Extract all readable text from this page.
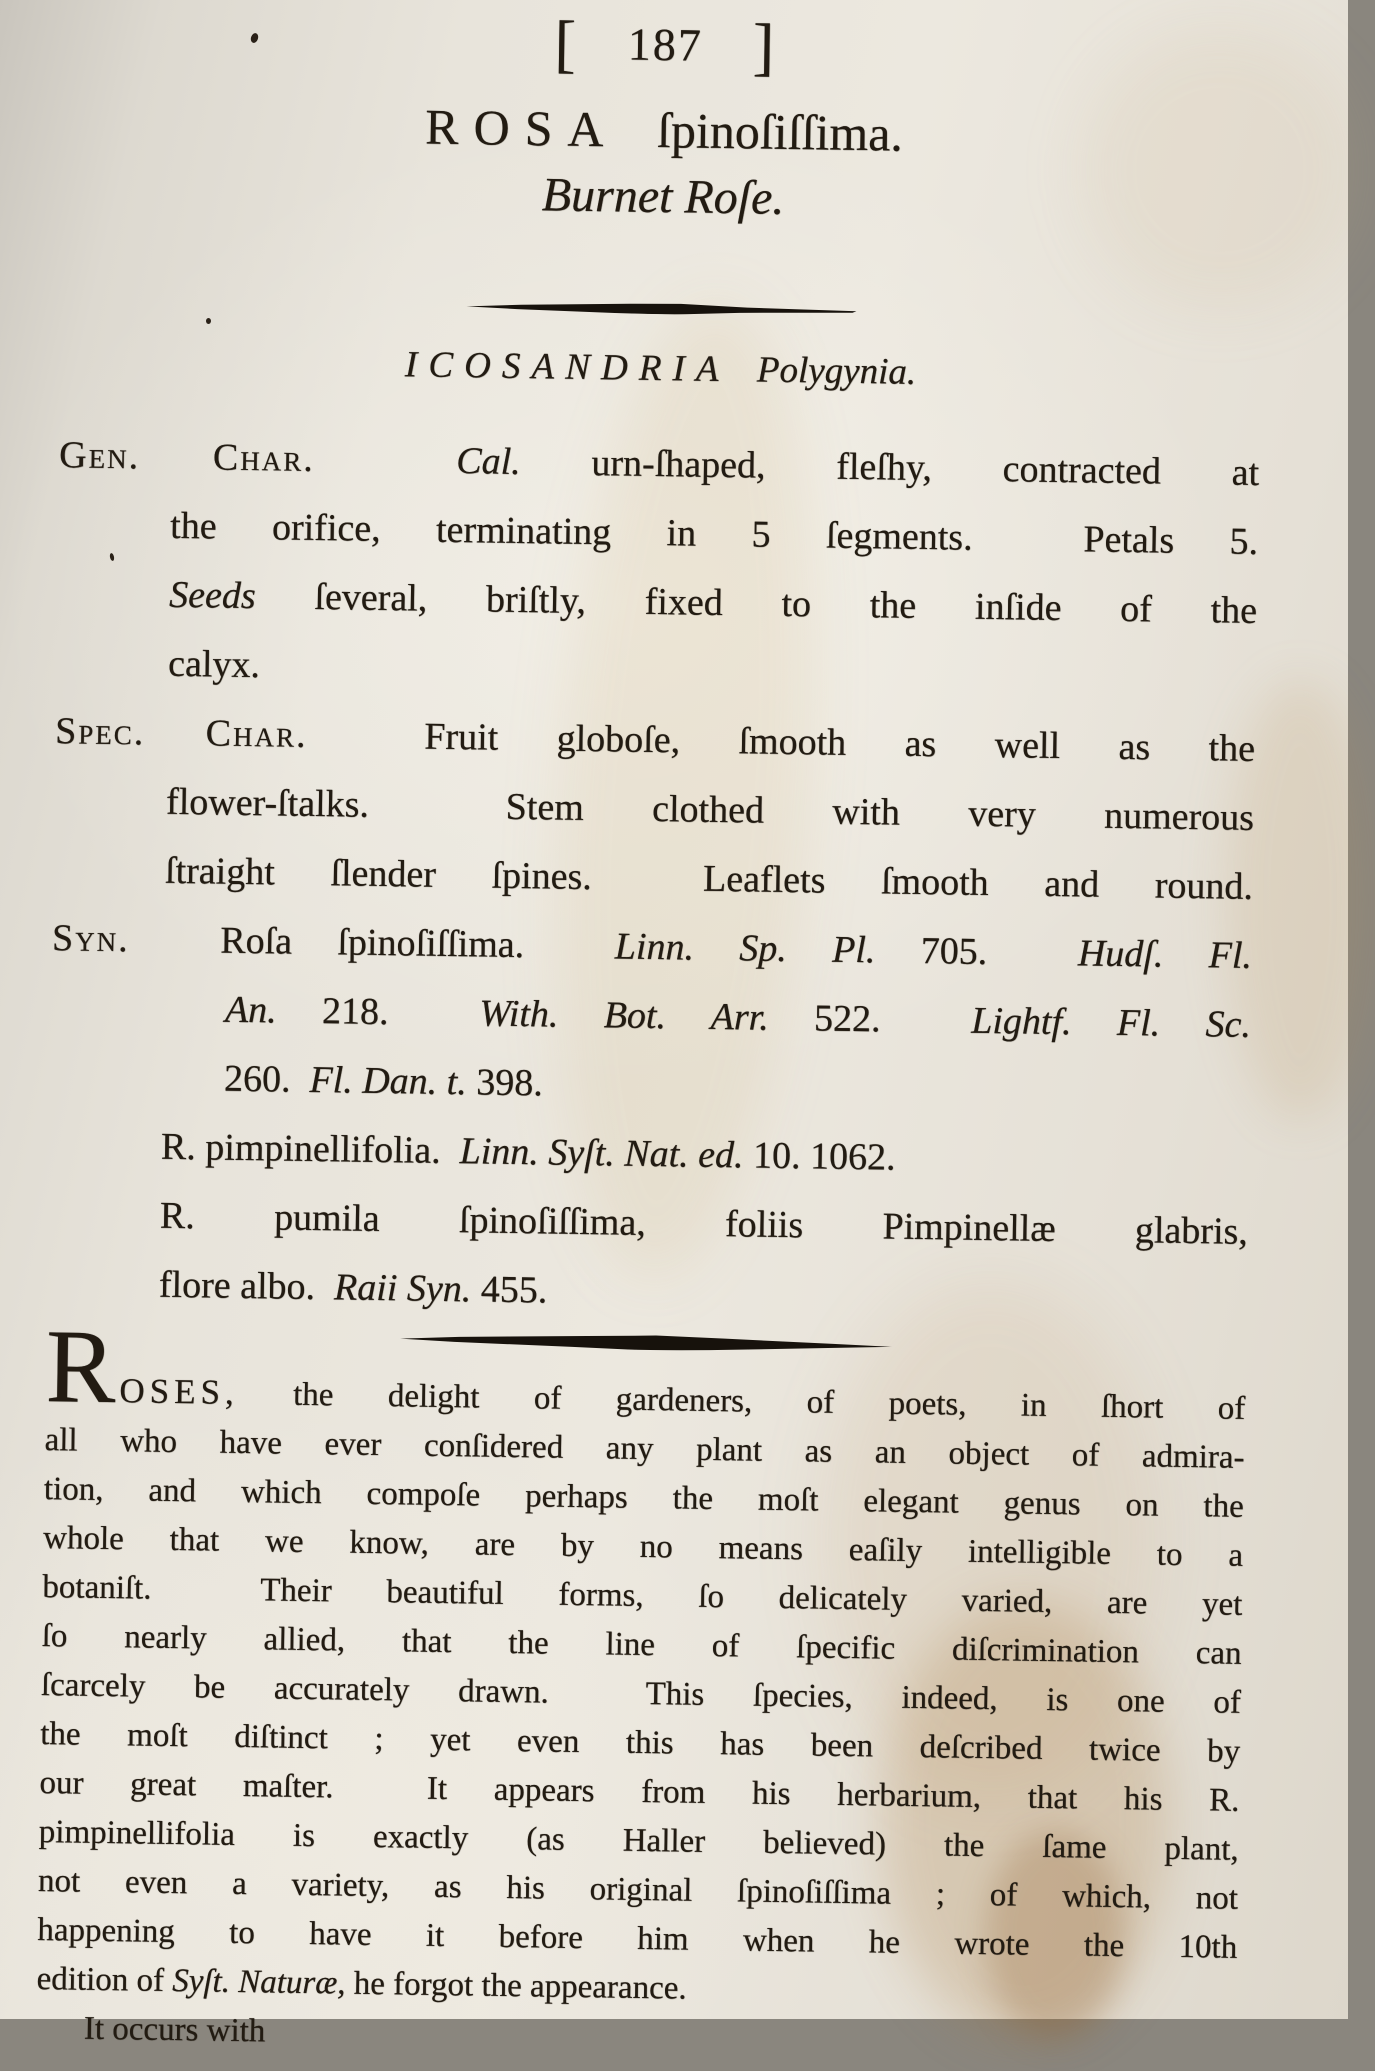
[ 187 ]
ROSA ſpinoſiſſima.
Burnet Roſe.
ICOSANDRIA Polygynia.
Gen. Char.	Cal. urn-ſhaped, fleſhy, contracted at
the orifice, terminating in 5 ſegments.  Petals 5.
Seeds ſeveral, briſtly, fixed to the inſide of the
calyx.
Spec. Char.  Fruit globoſe, ſmooth as well as the
flower-ſtalks.  Stem clothed with very numerous
ſtraight ſlender ſpines.  Leaflets ſmooth and round.
Syn.  Roſa ſpinoſiſſima.  Linn. Sp. Pl. 705.  Hudſ. Fl.
An. 218.  With. Bot. Arr. 522.  Lightf. Fl. Sc.
260.  Fl. Dan. t. 398.
R. pimpinellifolia.  Linn. Syſt. Nat. ed. 10. 1062.
R. pumila ſpinoſiſſima, foliis Pimpinellæ glabris,
flore albo.  Raii Syn. 455.
ROSES, the delight of gardeners, of poets, in ſhort of
all who have ever conſidered any plant as an object of admira-
tion, and which compoſe perhaps the moſt elegant genus on the
whole that we know, are by no means eaſily intelligible to a
botaniſt.  Their beautiful forms, ſo delicately varied, are yet
ſo nearly allied, that the line of ſpecific diſcrimination can
ſcarcely be accurately drawn.  This ſpecies, indeed, is one of
the moſt diſtinct ; yet even this has been deſcribed twice by
our great maſter.  It appears from his herbarium, that his R.
pimpinellifolia is exactly (as Haller believed) the ſame plant,
not even a variety, as his original ſpinoſiſſima ; of which, not
happening to have it before him when he wrote the 10th
edition of Syſt. Naturæ, he forgot the appearance.
It occurs with
